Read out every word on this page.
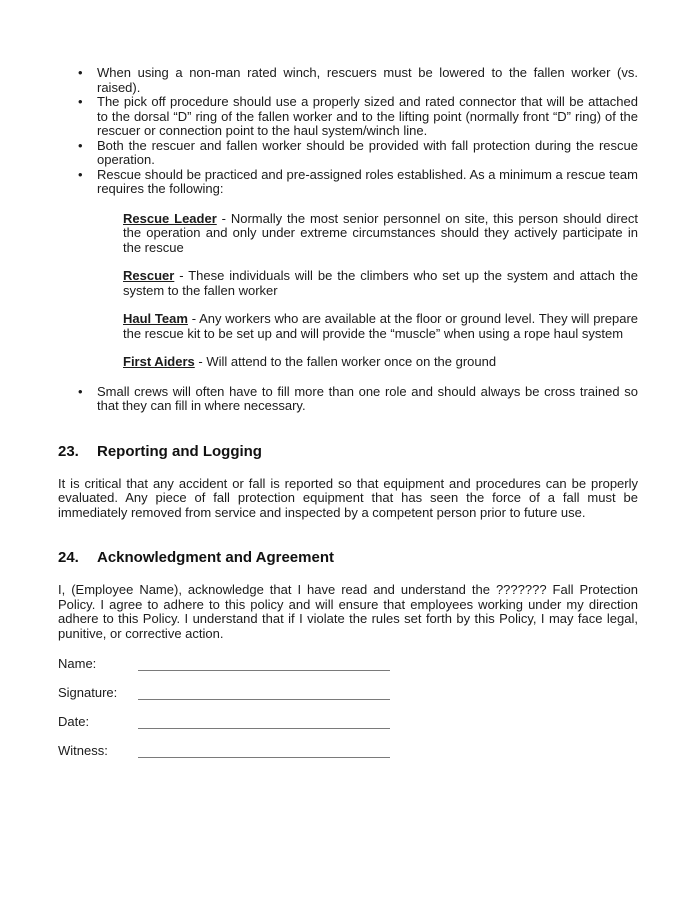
•	When using a non-man rated winch, rescuers must be lowered to the fallen worker (vs. raised).
•	The pick off procedure should use a properly sized and rated connector that will be attached to the dorsal “D” ring of the fallen worker and to the lifting point (normally front “D” ring) of the rescuer or connection point to the haul system/winch line.
•	Both the rescuer and fallen worker should be provided with fall protection during the rescue operation.
•	Rescue should be practiced and pre-assigned roles established. As a minimum a rescue team requires the following:

Rescue Leader - Normally the most senior personnel on site, this person should direct the operation and only under extreme circumstances should they actively participate in the rescue

Rescuer - These individuals will be the climbers who set up the system and attach the system to the fallen worker

Haul Team - Any workers who are available at the floor or ground level. They will prepare the rescue kit to be set up and will provide the “muscle” when using a rope haul system

First Aiders - Will attend to the fallen worker once on the ground

•	Small crews will often have to fill more than one role and should always be cross trained so that they can fill in where necessary.
23.	Reporting and Logging

It is critical that any accident or fall is reported so that equipment and procedures can be properly evaluated. Any piece of fall protection equipment that has seen the force of a fall must be immediately removed from service and inspected by a competent person prior to future use.

24.	Acknowledgment and Agreement

I, (Employee Name), acknowledge that I have read and understand the ??????? Fall Protection Policy. I agree to adhere to this policy and will ensure that employees working under my direction adhere to this Policy. I understand that if I violate the rules set forth by this Policy, I may face legal, punitive, or corrective action.

Name:
Signature:
Date:
Witness:
